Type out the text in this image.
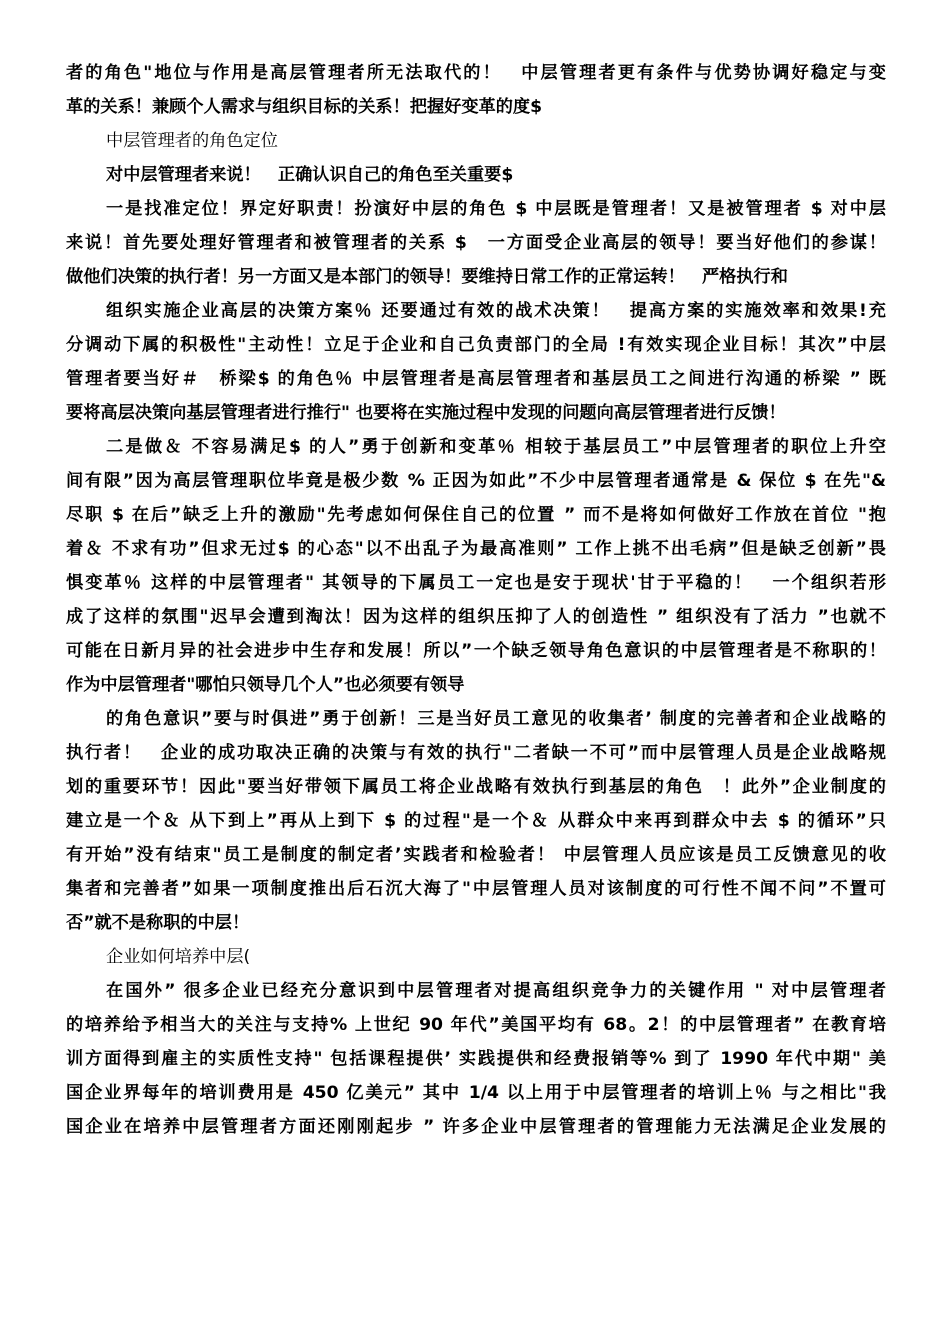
者的角色"地位与作用是高层管理者所无法取代的！　中层管理者更有条件与优势协调好稳定与变
革的关系！兼顾个人需求与组织目标的关系！把握好变革的度$
中层管理者的角色定位
对中层管理者来说！　正确认识自己的角色至关重要$
一是找准定位！界定好职责！扮演好中层的角色 $ 中层既是管理者！又是被管理者 $ 对中层
来说！首先要处理好管理者和被管理者的关系 $　一方面受企业高层的领导！要当好他们的参谋！
做他们决策的执行者！另一方面又是本部门的领导！要维持日常工作的正常运转！　严格执行和
组织实施企业高层的决策方案％ 还要通过有效的战术决策！　提高方案的实施效率和效果!充
分调动下属的积极性"主动性！立足于企业和自己负责部门的全局 !有效实现企业目标！其次”中层
管理者要当好＃　桥梁$ 的角色％ 中层管理者是高层管理者和基层员工之间进行沟通的桥梁 ” 既
要将高层决策向基层管理者进行推行" 也要将在实施过程中发现的问题向高层管理者进行反馈！
二是做＆ 不容易满足$ 的人”勇于创新和变革％ 相较于基层员工”中层管理者的职位上升空
间有限”因为高层管理职位毕竟是极少数 % 正因为如此”不少中层管理者通常是 & 保位 $ 在先"&
尽职 $ 在后”缺乏上升的激励"先考虑如何保住自己的位置 ” 而不是将如何做好工作放在首位 "抱
着＆ 不求有功”但求无过$ 的心态"以不出乱子为最高准则” 工作上挑不出毛病”但是缺乏创新”畏
惧变革％ 这样的中层管理者" 其领导的下属员工一定也是安于现状'甘于平稳的！　一个组织若形
成了这样的氛围"迟早会遭到淘汰！因为这样的组织压抑了人的创造性 ” 组织没有了活力 ”也就不
可能在日新月异的社会进步中生存和发展！所以”一个缺乏领导角色意识的中层管理者是不称职的！
作为中层管理者"哪怕只领导几个人”也必须要有领导
的角色意识”要与时俱进”勇于创新！三是当好员工意见的收集者’ 制度的完善者和企业战略的
执行者！　企业的成功取决正确的决策与有效的执行"二者缺一不可”而中层管理人员是企业战略规
划的重要环节！因此"要当好带领下属员工将企业战略有效执行到基层的角色　！此外”企业制度的
建立是一个＆ 从下到上”再从上到下 $ 的过程"是一个＆ 从群众中来再到群众中去 $ 的循环”只
有开始”没有结束"员工是制度的制定者’实践者和检验者！ 中层管理人员应该是员工反馈意见的收
集者和完善者”如果一项制度推出后石沉大海了"中层管理人员对该制度的可行性不闻不问”不置可
否”就不是称职的中层！
企业如何培养中层(
在国外” 很多企业已经充分意识到中层管理者对提高组织竞争力的关键作用 " 对中层管理者
的培养给予相当大的关注与支持% 上世纪 90 年代”美国平均有 68。2！的中层管理者” 在教育培
训方面得到雇主的实质性支持" 包括课程提供’ 实践提供和经费报销等% 到了 1990 年代中期" 美
国企业界每年的培训费用是 450 亿美元” 其中 1/4 以上用于中层管理者的培训上％ 与之相比"我
国企业在培养中层管理者方面还刚刚起步 ” 许多企业中层管理者的管理能力无法满足企业发展的
